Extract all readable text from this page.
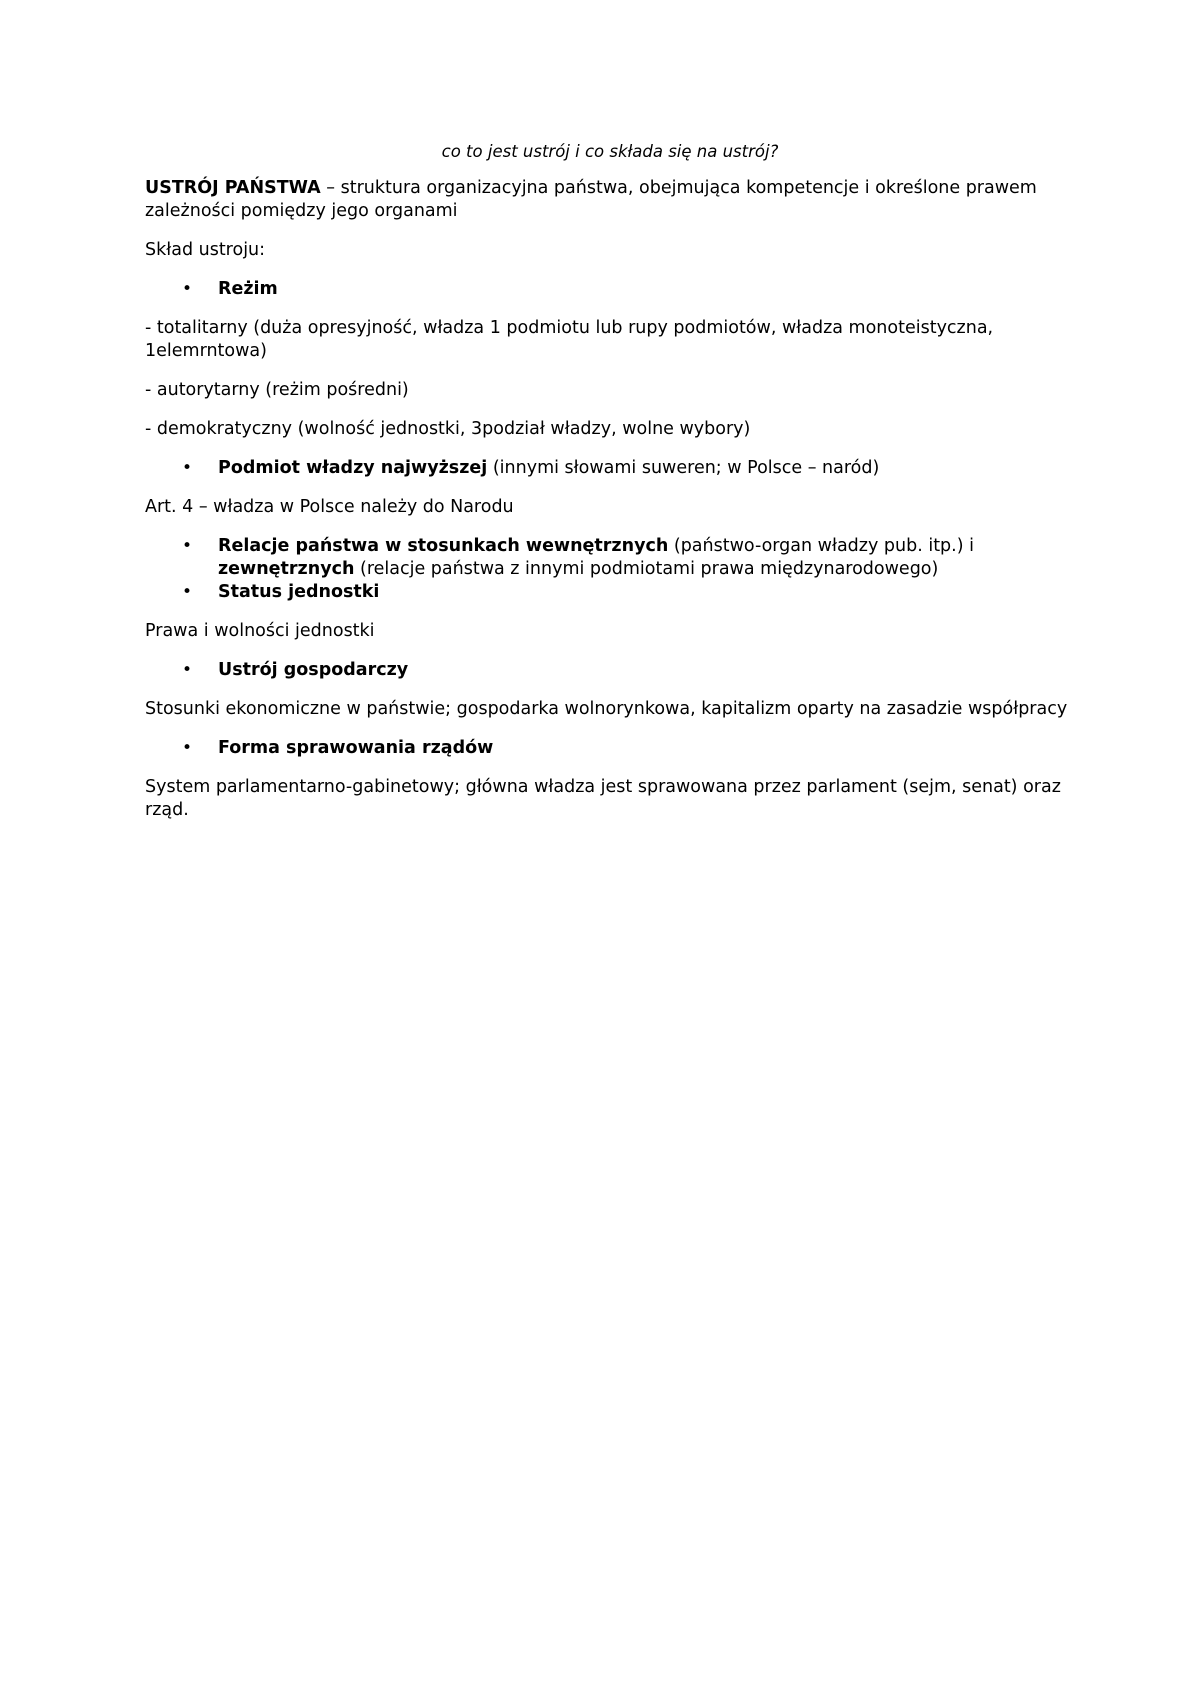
co to jest ustrój i co składa się na ustrój?

USTRÓJ PAŃSTWA – struktura organizacyjna państwa, obejmująca kompetencje i określone prawem zależności pomiędzy jego organami

Skład ustroju:

• Reżim

- totalitarny (duża opresyjność, władza 1 podmiotu lub rupy podmiotów, władza monoteistyczna, 1elemrntowa)

- autorytarny (reżim pośredni)

- demokratyczny (wolność jednostki, 3podział władzy, wolne wybory)

• Podmiot władzy najwyższej (innymi słowami suweren; w Polsce – naród)

Art. 4 – władza w Polsce należy do Narodu

• Relacje państwa w stosunkach wewnętrznych (państwo-organ władzy pub. itp.) i zewnętrznych (relacje państwa z innymi podmiotami prawa międzynarodowego)
• Status jednostki

Prawa i wolności jednostki

• Ustrój gospodarczy

Stosunki ekonomiczne w państwie; gospodarka wolnorynkowa, kapitalizm oparty na zasadzie współpracy

• Forma sprawowania rządów

System parlamentarno-gabinetowy; główna władza jest sprawowana przez parlament (sejm, senat) oraz rząd.
